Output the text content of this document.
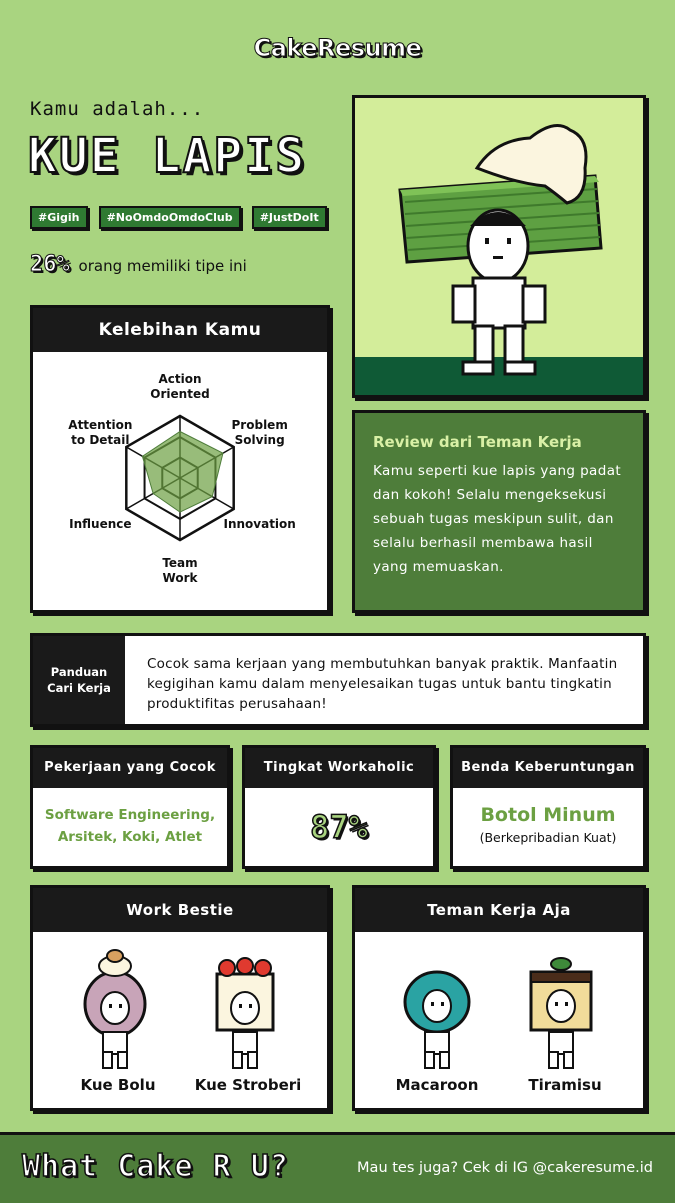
CakeResume
Kamu adalah...
KUE LAPIS
#Gigih #NoOmdoOmdoClub #JustDoIt
26% orang memiliki tipe ini
Kelebihan Kamu
Action Oriented
Problem Solving
Innovation
Team Work
Influence
Attention to Detail	Review dari Teman Kerja
Kamu seperti kue lapis yang padat dan kokoh! Selalu mengeksekusi sebuah tugas meskipun sulit, dan selalu berhasil membawa hasil yang memuaskan.
Panduan Cari Kerja
Cocok sama kerjaan yang membutuhkan banyak praktik. Manfaatin kegigihan kamu dalam menyelesaikan tugas untuk bantu tingkatin produktifitas perusahaan!
Pekerjaan yang Cocok
Software Engineering, Arsitek, Koki, Atlet
Tingkat Workaholic
87%
Benda Keberuntungan
Botol Minum
(Berkepribadian Kuat)
Work Bestie
Kue Bolu	Kue Stroberi
Teman Kerja Aja
Macaroon	Tiramisu
What Cake R U?	Mau tes juga? Cek di IG @cakeresume.id
